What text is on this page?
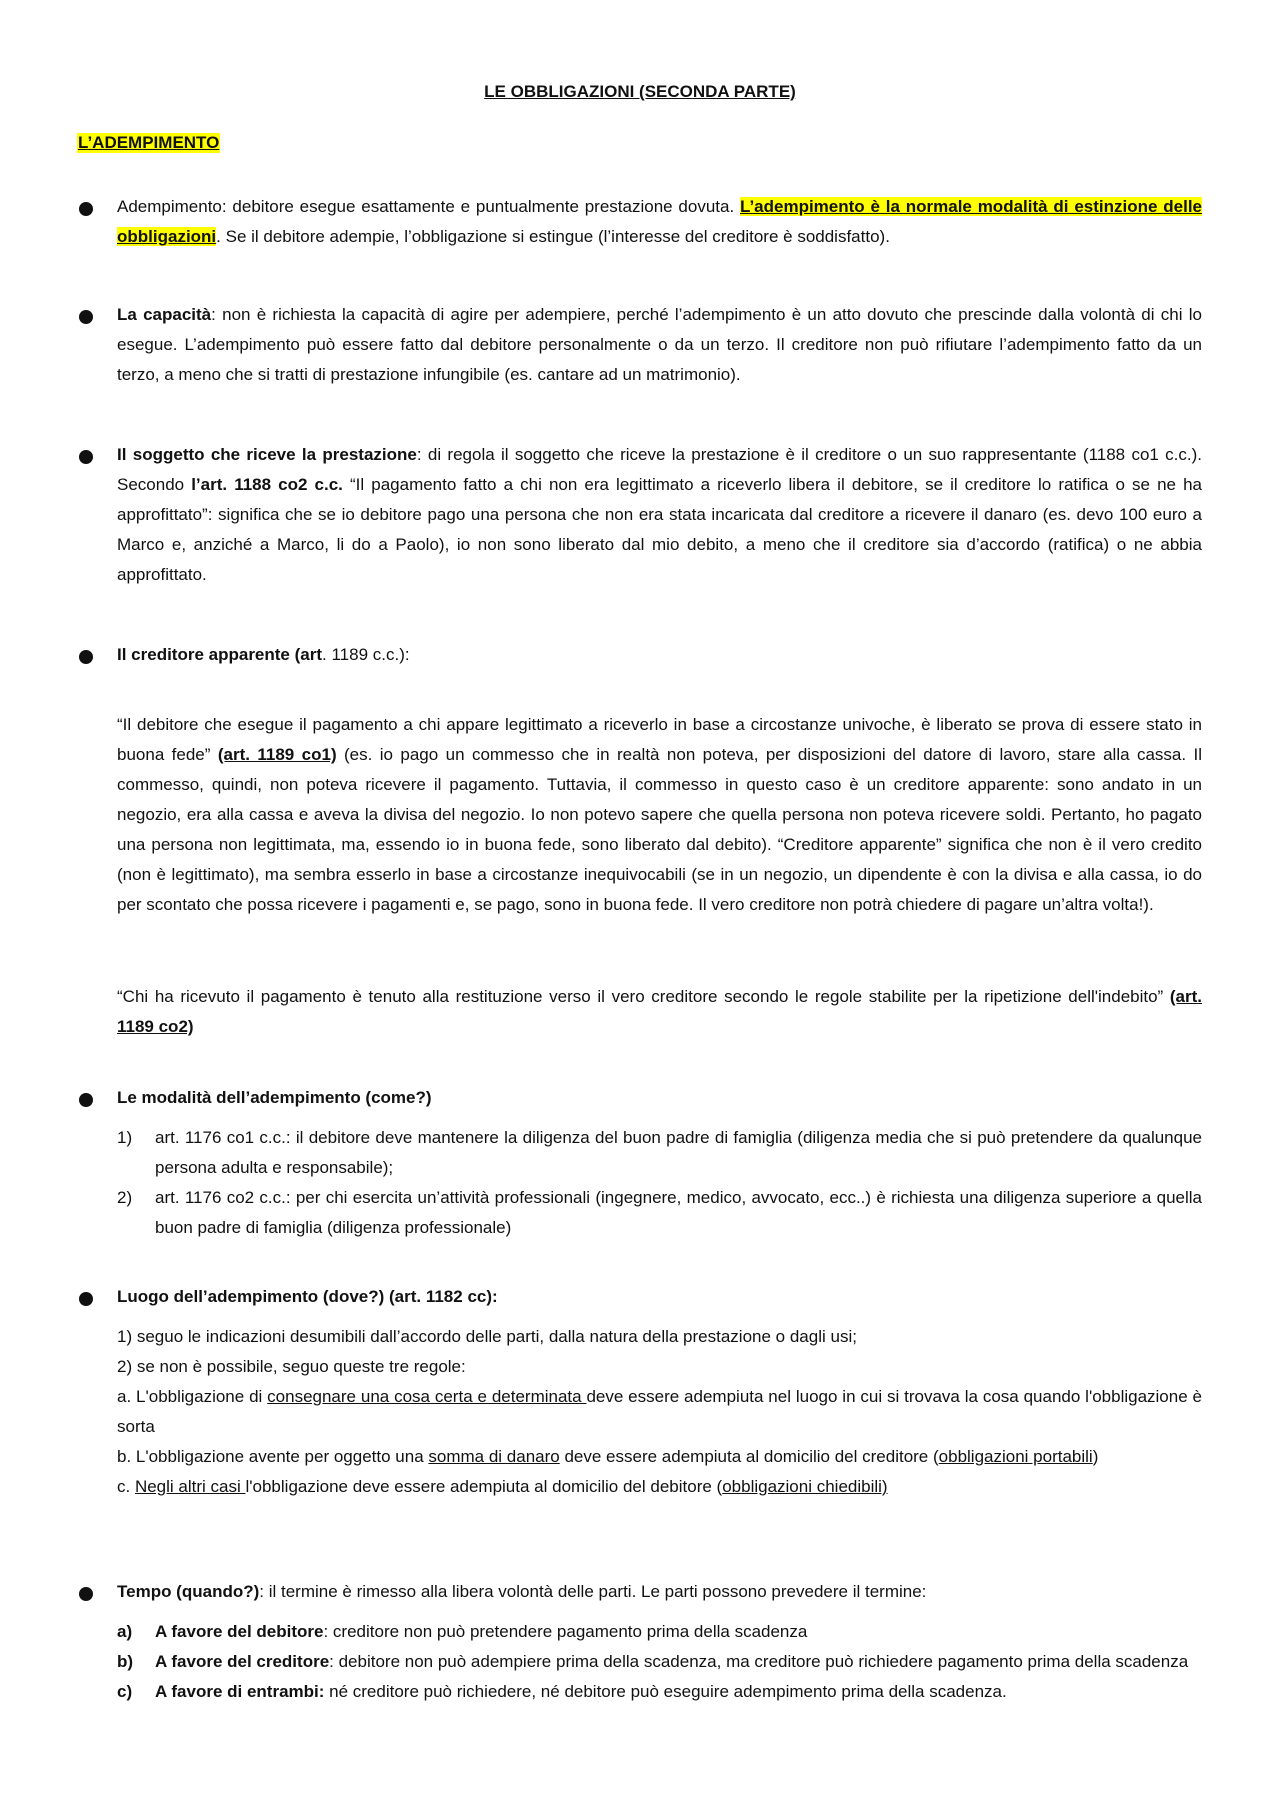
LE OBBLIGAZIONI (SECONDA PARTE)
L’ADEMPIMENTO
Adempimento: debitore esegue esattamente e puntualmente prestazione dovuta. L’adempimento è la normale modalità di estinzione delle obbligazioni. Se il debitore adempie, l’obbligazione si estingue (l’interesse del creditore è soddisfatto).
La capacità: non è richiesta la capacità di agire per adempiere, perché l’adempimento è un atto dovuto che prescinde dalla volontà di chi lo esegue. L’adempimento può essere fatto dal debitore personalmente o da un terzo. Il creditore non può rifiutare l’adempimento fatto da un terzo, a meno che si tratti di prestazione infungibile (es. cantare ad un matrimonio).
Il soggetto che riceve la prestazione: di regola il soggetto che riceve la prestazione è il creditore o un suo rappresentante (1188 co1 c.c.). Secondo l’art. 1188 co2 c.c. “Il pagamento fatto a chi non era legittimato a riceverlo libera il debitore, se il creditore lo ratifica o se ne ha approfittato”: significa che se io debitore pago una persona che non era stata incaricata dal creditore a ricevere il danaro (es. devo 100 euro a Marco e, anziché a Marco, li do a Paolo), io non sono liberato dal mio debito, a meno che il creditore sia d’accordo (ratifica) o ne abbia approfittato.
Il creditore apparente (art. 1189 c.c.):
“Il debitore che esegue il pagamento a chi appare legittimato a riceverlo in base a circostanze univoche, è liberato se prova di essere stato in buona fede” (art. 1189 co1) (es. io pago un commesso che in realtà non poteva, per disposizioni del datore di lavoro, stare alla cassa. Il commesso, quindi, non poteva ricevere il pagamento. Tuttavia, il commesso in questo caso è un creditore apparente: sono andato in un negozio, era alla cassa e aveva la divisa del negozio. Io non potevo sapere che quella persona non poteva ricevere soldi. Pertanto, ho pagato una persona non legittimata, ma, essendo io in buona fede, sono liberato dal debito). “Creditore apparente” significa che non è il vero credito (non è legittimato), ma sembra esserlo in base a circostanze inequivocabili (se in un negozio, un dipendente è con la divisa e alla cassa, io do per scontato che possa ricevere i pagamenti e, se pago, sono in buona fede. Il vero creditore non potrà chiedere di pagare un’altra volta!).
“Chi ha ricevuto il pagamento è tenuto alla restituzione verso il vero creditore secondo le regole stabilite per la ripetizione dell'indebito” (art. 1189 co2)
Le modalità dell’adempimento (come?)
1) art. 1176 co1 c.c.: il debitore deve mantenere la diligenza del buon padre di famiglia (diligenza media che si può pretendere da qualunque persona adulta e responsabile);
2) art. 1176 co2 c.c.: per chi esercita un’attività professionali (ingegnere, medico, avvocato, ecc..) è richiesta una diligenza superiore a quella buon padre di famiglia (diligenza professionale)
Luogo dell’adempimento (dove?) (art. 1182 cc):
1) seguo le indicazioni desumibili dall’accordo delle parti, dalla natura della prestazione o dagli usi;
2) se non è possibile, seguo queste tre regole:
a. L'obbligazione di consegnare una cosa certa e determinata deve essere adempiuta nel luogo in cui si trovava la cosa quando l'obbligazione è sorta
b. L'obbligazione avente per oggetto una somma di danaro deve essere adempiuta al domicilio del creditore (obbligazioni portabili)
c. Negli altri casi l'obbligazione deve essere adempiuta al domicilio del debitore (obbligazioni chiedibili)
Tempo (quando?): il termine è rimesso alla libera volontà delle parti. Le parti possono prevedere il termine:
a) A favore del debitore: creditore non può pretendere pagamento prima della scadenza
b) A favore del creditore: debitore non può adempiere prima della scadenza, ma creditore può richiedere pagamento prima della scadenza
c) A favore di entrambi: né creditore può richiedere, né debitore può eseguire adempimento prima della scadenza.
